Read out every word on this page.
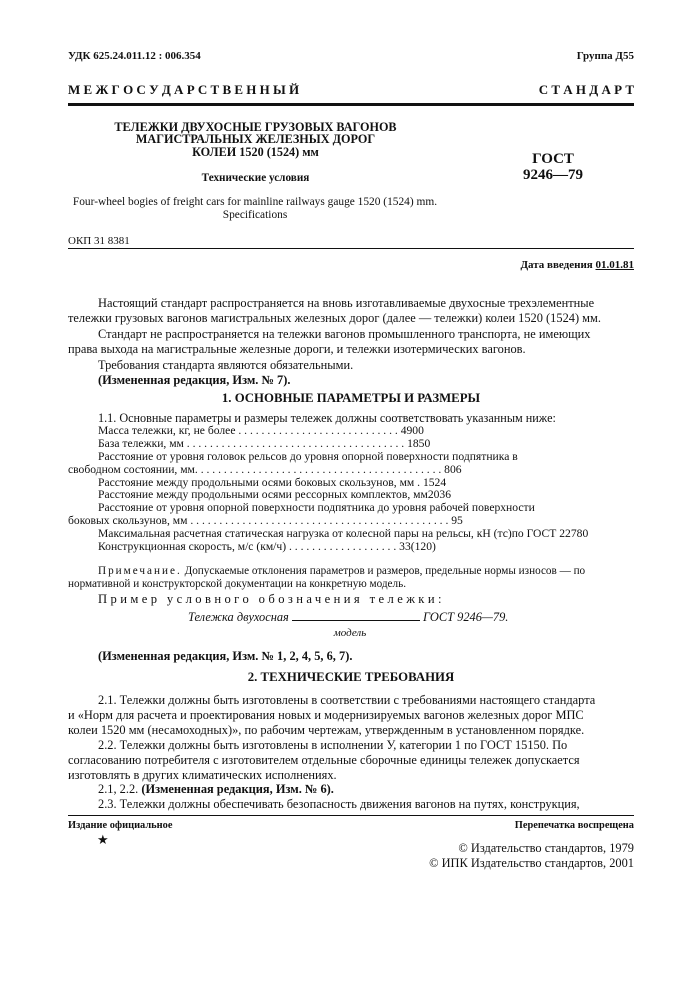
УДК 625.24.011.12 : 006.354	Группа Д55
М Е Ж Г О С У Д А Р С Т В Е Н Н Ы Й	С Т А Н Д А Р Т
ТЕЛЕЖКИ ДВУХОСНЫЕ ГРУЗОВЫХ ВАГОНОВ
МАГИСТРАЛЬНЫХ ЖЕЛЕЗНЫХ ДОРОГ
КОЛЕИ 1520 (1524) мм
Технические условия
Four-wheel bogies of freight cars for mainline railways gauge 1520 (1524) mm.
Specifications
ГОСТ
9246—79
ОКП 31 8381
Дата введения 01.01.81
Настоящий стандарт распространяется на вновь изготавливаемые двухосные трехэлементные
тележки грузовых вагонов магистральных железных дорог (далее — тележки) колеи 1520 (1524) мм.
Стандарт не распространяется на тележки вагонов промышленного транспорта, не имеющих
права выхода на магистральные железные дороги, и тележки изотермических вагонов.
Требования стандарта являются обязательными.
(Измененная редакция, Изм. № 7).
1. ОСНОВНЫЕ ПАРАМЕТРЫ И РАЗМЕРЫ
1.1. Основные параметры и размеры тележек должны соответствовать указанным ниже:
Масса тележки, кг, не более . . . . . . . . . . . . . . . . . . . . . . . . . . . . 4900
База тележки, мм . . . . . . . . . . . . . . . . . . . . . . . . . . . . . . . . . . . . . . 1850
Расстояние от уровня головок рельсов до уровня опорной поверхности подпятника в
свободном состоянии, мм. . . . . . . . . . . . . . . . . . . . . . . . . . . . . . . . . . . . . . . . . . . 806
Расстояние между продольными осями боковых скользунов, мм . 1524
Расстояние между продольными осями рессорных комплектов, мм2036
Расстояние от уровня опорной поверхности подпятника до уровня рабочей поверхности
боковых скользунов, мм . . . . . . . . . . . . . . . . . . . . . . . . . . . . . . . . . . . . . . . . . . . . . 95
Максимальная расчетная статическая нагрузка от колесной пары на рельсы, кН (тс)по ГОСТ 22780
Конструкционная скорость, м/с (км/ч) . . . . . . . . . . . . . . . . . . . 33(120)
Примечание. Допускаемые отклонения параметров и размеров, предельные нормы износов — по
нормативной и конструкторской документации на конкретную модель.
Пример условного обозначения тележки:
Тележка двухосная	ГОСТ 9246—79.
модель
(Измененная редакция, Изм. № 1, 2, 4, 5, 6, 7).
2. ТЕХНИЧЕСКИЕ ТРЕБОВАНИЯ
2.1. Тележки должны быть изготовлены в соответствии с требованиями настоящего стандарта
и «Норм для расчета и проектирования новых и модернизируемых вагонов железных дорог МПС
колеи 1520 мм (несамоходных)», по рабочим чертежам, утвержденным в установленном порядке.
2.2. Тележки должны быть изготовлены в исполнении У, категории 1 по ГОСТ 15150. По
согласованию потребителя с изготовителем отдельные сборочные единицы тележек допускается
изготовлять в других климатических исполнениях.
2.1, 2.2. (Измененная редакция, Изм. № 6).
2.3. Тележки должны обеспечивать безопасность движения вагонов на путях, конструкция,
Издание официальное
★
Перепечатка воспрещена
© Издательство стандартов, 1979
© ИПК Издательство стандартов, 2001
